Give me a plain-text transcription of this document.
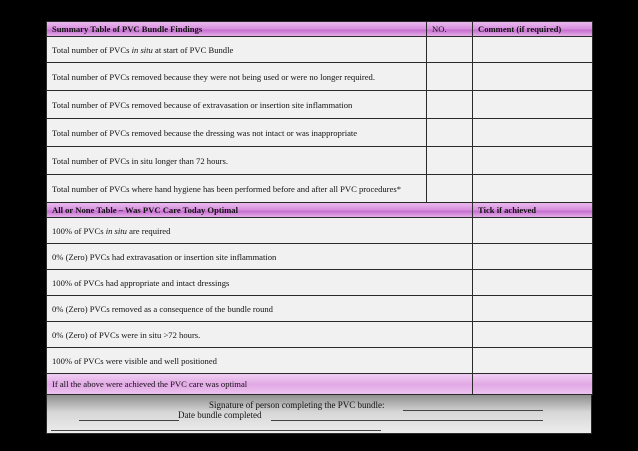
Summary Table of PVC Bundle Findings	NO.	Comment (if required)
Total number of PVCs in situ at start of PVC Bundle		
Total number of PVCs removed because they were not being used or were no longer required.		
Total number of PVCs removed because of extravasation or insertion site inflammation		
Total number of PVCs removed because the dressing was not intact or was inappropriate		
Total number of PVCs in situ longer than 72 hours.		
Total number of PVCs where hand hygiene has been performed before and after all PVC procedures*		
All or None Table – Was PVC Care Today Optimal		Tick if achieved
100% of PVCs in situ are required		
0% (Zero) PVCs had extravasation or insertion site inflammation		
100% of PVCs had appropriate and intact dressings		
0% (Zero) PVCs removed as a consequence of the bundle round		
0% (Zero) of PVCs were in situ >72 hours.		
100% of PVCs were visible and well positioned		
If all the above were achieved the PVC care was optimal		
Signature of person completing the PVC bundle:
Date bundle completed
